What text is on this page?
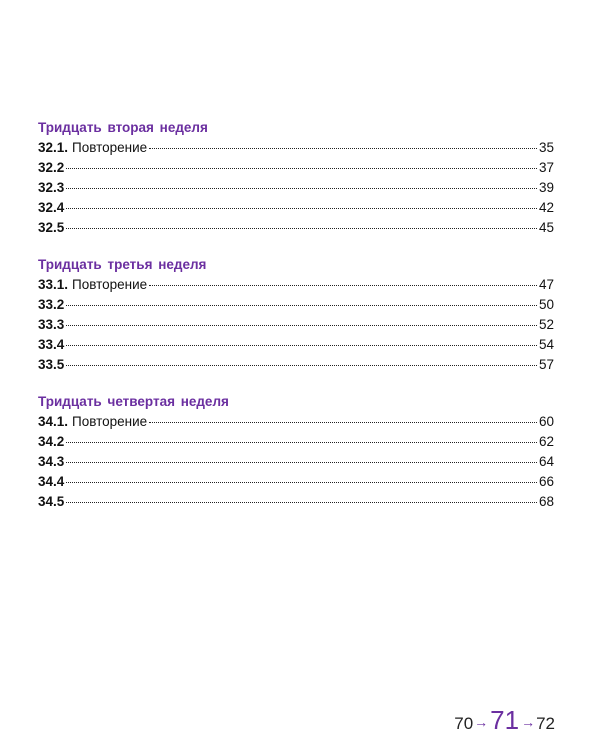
Тридцать вторая неделя
32.1. Повторение	35
32.2	37
32.3	39
32.4	42
32.5	45
Тридцать третья неделя
33.1. Повторение	47
33.2	50
33.3	52
33.4	54
33.5	57
Тридцать четвертая неделя
34.1. Повторение	60
34.2	62
34.3	64
34.4	66
34.5	68
70 → 71 → 72
